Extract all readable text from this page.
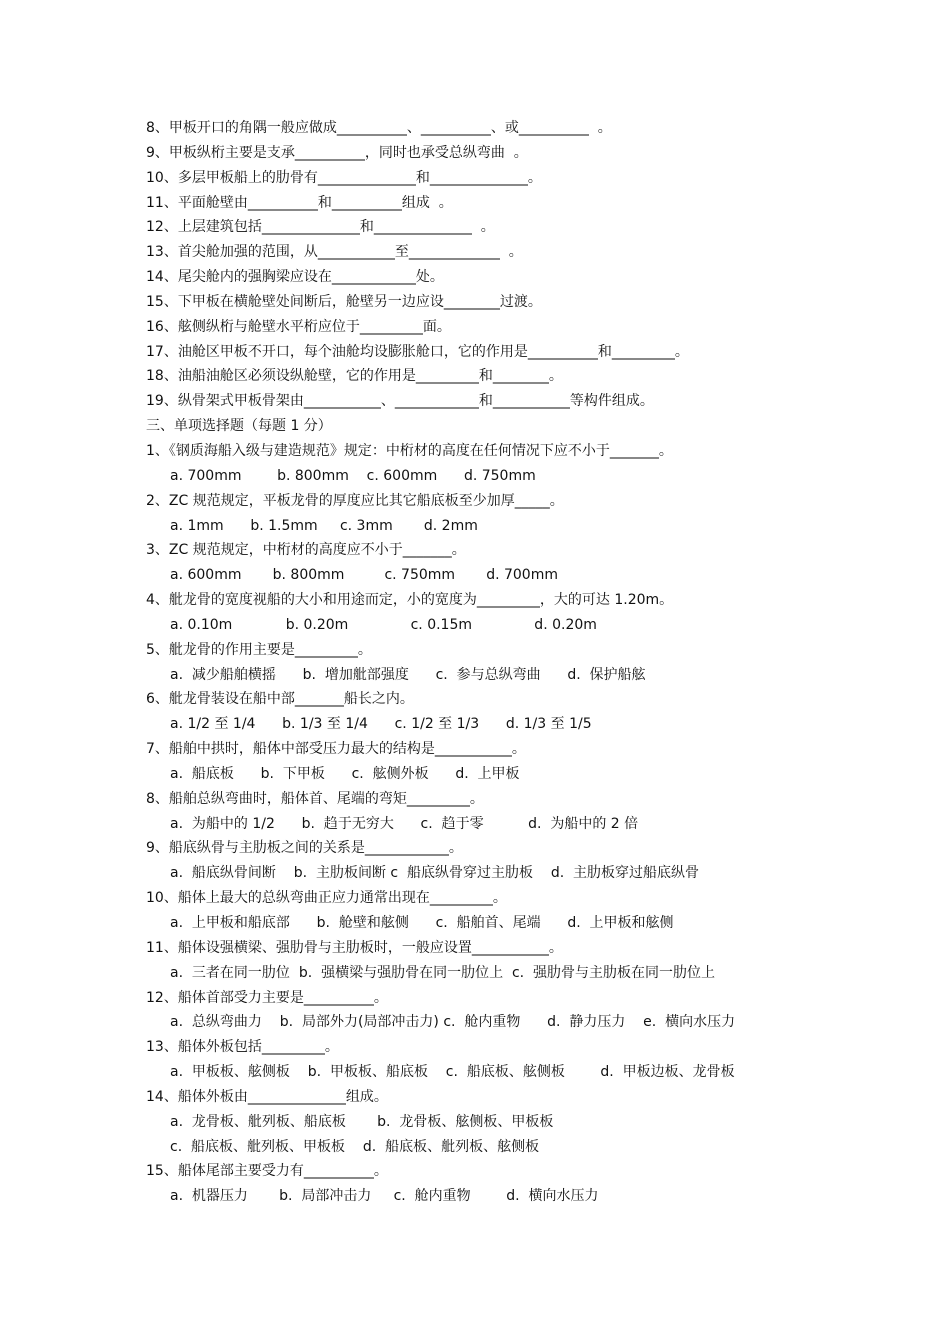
8、甲板开口的角隅一般应做成__________、__________、或__________  。
9、甲板纵桁主要是支承__________，同时也承受总纵弯曲  。
10、多层甲板船上的肋骨有______________和______________。
11、平面舱壁由__________和__________组成  。
12、上层建筑包括______________和______________  。
13、首尖舱加强的范围，从___________至_____________  。
14、尾尖舱内的强胸梁应设在____________处。
15、下甲板在横舱壁处间断后，舱壁另一边应设________过渡。
16、舷侧纵桁与舱壁水平桁应位于_________面。
17、油舱区甲板不开口，每个油舱均设膨胀舱口，它的作用是__________和_________。
18、油船油舱区必须设纵舱壁，它的作用是_________和________。
19、纵骨架式甲板骨架由___________、____________和___________等构件组成。
三、单项选择题（每题 1 分）
1、《钢质海船入级与建造规范》规定：中桁材的高度在任何情况下应不小于_______。
a. 700mm        b. 800mm    c. 600mm      d. 750mm
2、ZC 规范规定，平板龙骨的厚度应比其它船底板至少加厚_____。
a. 1mm      b. 1.5mm     c. 3mm       d. 2mm
3、ZC 规范规定，中桁材的高度应不小于_______。
a. 600mm       b. 800mm         c. 750mm       d. 700mm
4、舭龙骨的宽度视船的大小和用途而定，小的宽度为_________，大的可达 1.20m。
a. 0.10m            b. 0.20m              c. 0.15m              d. 0.20m
5、舭龙骨的作用主要是_________。
a.  减少船舶横摇      b.  增加舭部强度      c.  参与总纵弯曲      d.  保护船舷
6、舭龙骨装设在船中部_______船长之内。
a. 1/2 至 1/4      b. 1/3 至 1/4      c. 1/2 至 1/3      d. 1/3 至 1/5
7、船舶中拱时，船体中部受压力最大的结构是___________。
a.  船底板      b.  下甲板      c.  舷侧外板      d.  上甲板
8、船舶总纵弯曲时，船体首、尾端的弯矩_________。
a.  为船中的 1/2      b.  趋于无穷大      c.  趋于零          d.  为船中的 2 倍
9、船底纵骨与主肋板之间的关系是____________。
a.  船底纵骨间断    b.  主肋板间断 c  船底纵骨穿过主肋板    d.  主肋板穿过船底纵骨
10、船体上最大的总纵弯曲正应力通常出现在_________。
a.  上甲板和船底部      b.  舱壁和舷侧      c.  船舶首、尾端      d.  上甲板和舷侧
11、船体设强横梁、强肋骨与主肋板时，一般应设置___________。
a.  三者在同一肋位  b.  强横梁与强肋骨在同一肋位上  c.  强肋骨与主肋板在同一肋位上
12、船体首部受力主要是__________。
a.  总纵弯曲力    b.  局部外力(局部冲击力) c.  舱内重物      d.  静力压力    e.  横向水压力
13、船体外板包括_________。
a.  甲板板、舷侧板    b.  甲板板、船底板    c.  船底板、舷侧板        d.  甲板边板、龙骨板
14、船体外板由______________组成。
a.  龙骨板、舭列板、船底板       b.  龙骨板、舷侧板、甲板板
c.  船底板、舭列板、甲板板    d.  船底板、舭列板、舷侧板
15、船体尾部主要受力有__________。
a.  机器压力       b.  局部冲击力     c.  舱内重物        d.  横向水压力
